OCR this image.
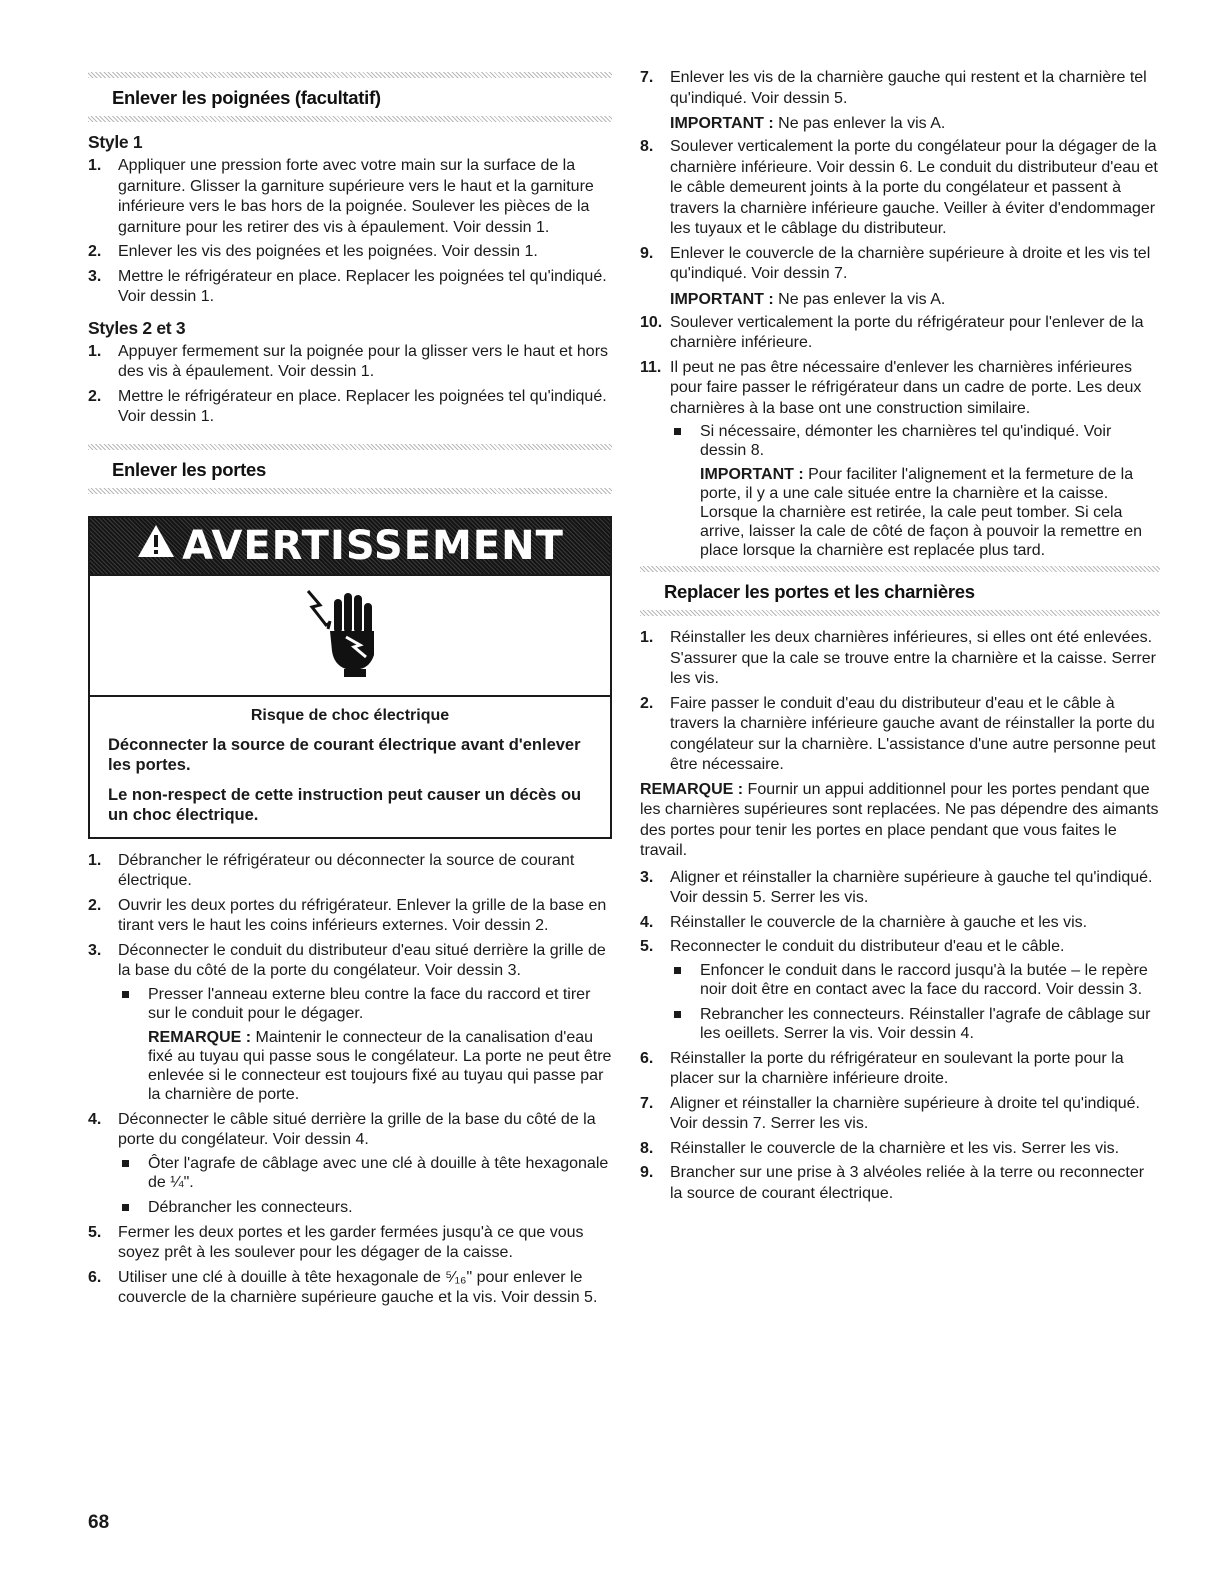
Enlever les poignées (facultatif)
Style 1
1. Appliquer une pression forte avec votre main sur la surface de la garniture. Glisser la garniture supérieure vers le haut et la garniture inférieure vers le bas hors de la poignée. Soulever les pièces de la garniture pour les retirer des vis à épaulement. Voir dessin 1.
2. Enlever les vis des poignées et les poignées. Voir dessin 1.
3. Mettre le réfrigérateur en place. Replacer les poignées tel qu'indiqué. Voir dessin 1.
Styles 2 et 3
1. Appuyer fermement sur la poignée pour la glisser vers le haut et hors des vis à épaulement. Voir dessin 1.
2. Mettre le réfrigérateur en place. Replacer les poignées tel qu'indiqué. Voir dessin 1.
Enlever les portes
AVERTISSEMENT

Risque de choc électrique

Déconnecter la source de courant électrique avant d'enlever les portes.

Le non-respect de cette instruction peut causer un décès ou un choc électrique.

1. Débrancher le réfrigérateur ou déconnecter la source de courant électrique.
2. Ouvrir les deux portes du réfrigérateur. Enlever la grille de la base en tirant vers le haut les coins inférieurs externes. Voir dessin 2.
3. Déconnecter le conduit du distributeur d'eau situé derrière la grille de la base du côté de la porte du congélateur. Voir dessin 3.
Presser l'anneau externe bleu contre la face du raccord et tirer sur le conduit pour le dégager.
REMARQUE : Maintenir le connecteur de la canalisation d'eau fixé au tuyau qui passe sous le congélateur. La porte ne peut être enlevée si le connecteur est toujours fixé au tuyau qui passe par la charnière de porte.
4. Déconnecter le câble situé derrière la grille de la base du côté de la porte du congélateur. Voir dessin 4.
Ôter l'agrafe de câblage avec une clé à douille à tête hexagonale de ¼".
Débrancher les connecteurs.
5. Fermer les deux portes et les garder fermées jusqu'à ce que vous soyez prêt à les soulever pour les dégager de la caisse.
6. Utiliser une clé à douille à tête hexagonale de ⁵⁄₁₆" pour enlever le couvercle de la charnière supérieure gauche et la vis. Voir dessin 5.
7. Enlever les vis de la charnière gauche qui restent et la charnière tel qu'indiqué. Voir dessin 5.
IMPORTANT : Ne pas enlever la vis A.
8. Soulever verticalement la porte du congélateur pour la dégager de la charnière inférieure. Voir dessin 6. Le conduit du distributeur d'eau et le câble demeurent joints à la porte du congélateur et passent à travers la charnière inférieure gauche. Veiller à éviter d'endommager les tuyaux et le câblage du distributeur.
9. Enlever le couvercle de la charnière supérieure à droite et les vis tel qu'indiqué. Voir dessin 7.
IMPORTANT : Ne pas enlever la vis A.
10. Soulever verticalement la porte du réfrigérateur pour l'enlever de la charnière inférieure.
11. Il peut ne pas être nécessaire d'enlever les charnières inférieures pour faire passer le réfrigérateur dans un cadre de porte. Les deux charnières à la base ont une construction similaire.
Si nécessaire, démonter les charnières tel qu'indiqué. Voir dessin 8.
IMPORTANT : Pour faciliter l'alignement et la fermeture de la porte, il y a une cale située entre la charnière et la caisse. Lorsque la charnière est retirée, la cale peut tomber. Si cela arrive, laisser la cale de côté de façon à pouvoir la remettre en place lorsque la charnière est replacée plus tard.
Replacer les portes et les charnières
1. Réinstaller les deux charnières inférieures, si elles ont été enlevées. S'assurer que la cale se trouve entre la charnière et la caisse. Serrer les vis.
2. Faire passer le conduit d'eau du distributeur d'eau et le câble à travers la charnière inférieure gauche avant de réinstaller la porte du congélateur sur la charnière. L'assistance d'une autre personne peut être nécessaire.

REMARQUE : Fournir un appui additionnel pour les portes pendant que les charnières supérieures sont replacées. Ne pas dépendre des aimants des portes pour tenir les portes en place pendant que vous faites le travail.

3. Aligner et réinstaller la charnière supérieure à gauche tel qu'indiqué. Voir dessin 5. Serrer les vis.
4. Réinstaller le couvercle de la charnière à gauche et les vis.
5. Reconnecter le conduit du distributeur d'eau et le câble.
Enfoncer le conduit dans le raccord jusqu'à la butée – le repère noir doit être en contact avec la face du raccord. Voir dessin 3.
Rebrancher les connecteurs. Réinstaller l'agrafe de câblage sur les oeillets. Serrer la vis. Voir dessin 4.
6. Réinstaller la porte du réfrigérateur en soulevant la porte pour la placer sur la charnière inférieure droite.
7. Aligner et réinstaller la charnière supérieure à droite tel qu'indiqué. Voir dessin 7. Serrer les vis.
8. Réinstaller le couvercle de la charnière et les vis. Serrer les vis.
9. Brancher sur une prise à 3 alvéoles reliée à la terre ou reconnecter la source de courant électrique.
68
